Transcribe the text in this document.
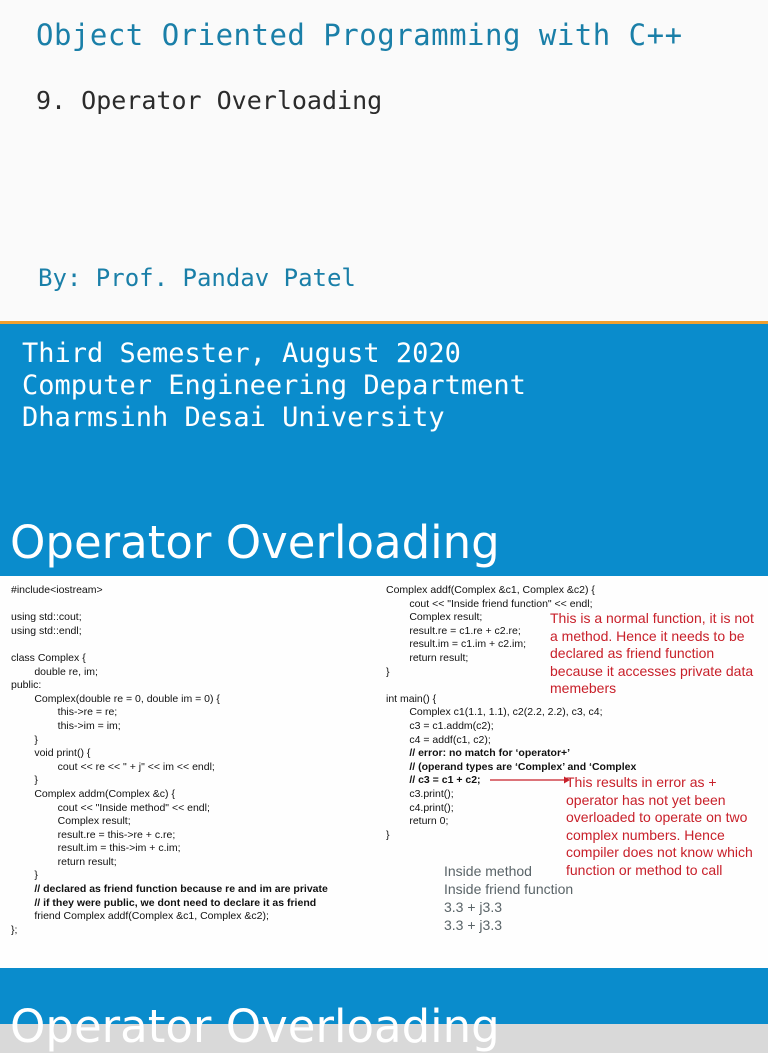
Object Oriented Programming with C++
9. Operator Overloading
By: Prof. Pandav Patel
Third Semester, August 2020
Computer Engineering Department
Dharmsinh Desai University
Operator Overloading
#include<iostream>

using std::cout;
using std::endl;

class Complex {
double re, im;
public:
Complex(double re = 0, double im = 0) {
this->re = re;
this->im = im;
}
void print() {
cout << re << " + j" << im << endl;
}
Complex addm(Complex &c) {
cout << "Inside method" << endl;
Complex result;
result.re = this->re + c.re;
result.im = this->im + c.im;
return result;
}
// declared as friend function because re and im are private
// if they were public, we dont need to declare it as friend
friend Complex addf(Complex &c1, Complex &c2);
};
Complex addf(Complex &c1, Complex &c2) {
cout << "Inside friend function" << endl;
Complex result;
result.re = c1.re + c2.re;
result.im = c1.im + c2.im;
return result;
}

int main() {
Complex c1(1.1, 1.1), c2(2.2, 2.2), c3, c4;
c3 = c1.addm(c2);
c4 = addf(c1, c2);
// error: no match for ‘operator+’
// (operand types are ‘Complex’ and ‘Complex
// c3 = c1 + c2;
c3.print();
c4.print();
return 0;
}
This is a normal function, it is not a method. Hence it needs to be declared as friend function because it accesses private data memebers
This results in error as + operator has not yet been overloaded to operate on two complex numbers. Hence compiler does not know which function or method to call
Inside method
Inside friend function
3.3 + j3.3
3.3 + j3.3
Operator Overloading
